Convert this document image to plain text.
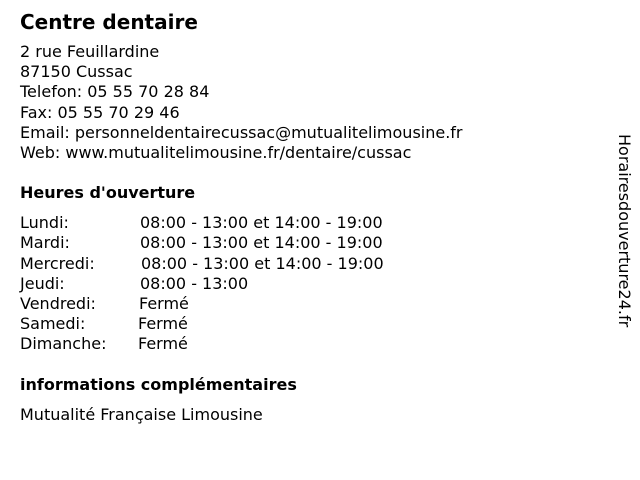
Centre dentaire
2 rue Feuillardine
87150 Cussac
Telefon: 05 55 70 28 84
Fax: 05 55 70 29 46
Email: personneldentairecussac@mutualitelimousine.fr
Web: www.mutualitelimousine.fr/dentaire/cussac
Heures d'ouverture
Lundi:	08:00 - 13:00 et 14:00 - 19:00
Mardi:	08:00 - 13:00 et 14:00 - 19:00
Mercredi:	08:00 - 13:00 et 14:00 - 19:00
Jeudi:	08:00 - 13:00
Vendredi:	Fermé
Samedi:	Fermé
Dimanche:	Fermé
informations complémentaires
Mutualité Française Limousine
Horairesdouverture24.fr
